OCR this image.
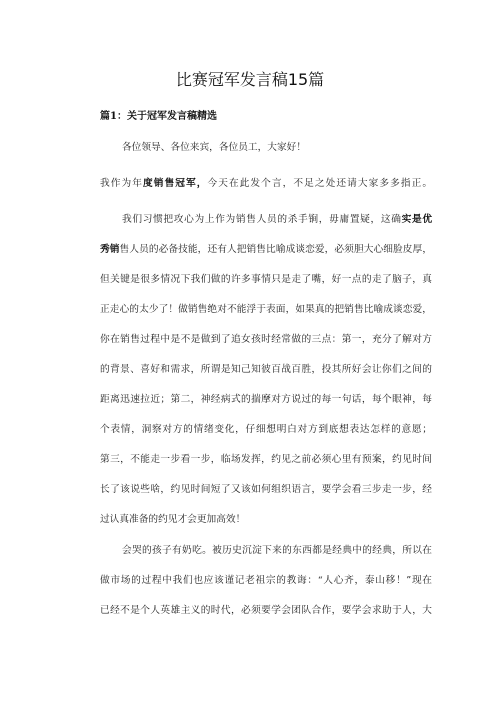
比赛冠军发言稿15篇
篇1：关于冠军发言稿精选
各位领导、各位来宾，各位员工，大家好！
我作为年度销售冠军，今天在此发个言，不足之处还请大家多多指正。
我们习惯把攻心为上作为销售人员的杀手锏，毋庸置疑，这确实是优
秀销售人员的必备技能，还有人把销售比喻成谈恋爱，必须胆大心细脸皮厚，
但关键是很多情况下我们做的许多事情只是走了嘴，好一点的走了脑子，真
正走心的太少了！做销售绝对不能浮于表面，如果真的把销售比喻成谈恋爱，
你在销售过程中是不是做到了追女孩时经常做的三点：第一，充分了解对方
的背景、喜好和需求，所谓是知己知彼百战百胜，投其所好会让你们之间的
距离迅速拉近；第二，神经病式的揣摩对方说过的每一句话，每个眼神，每
个表情，洞察对方的情绪变化，仔细想明白对方到底想表达怎样的意愿；
第三，不能走一步看一步，临场发挥，约见之前必须心里有预案，约见时间
长了该说些啥，约见时间短了又该如何组织语言，要学会看三步走一步，经
过认真准备的约见才会更加高效！
会哭的孩子有奶吃。被历史沉淀下来的东西都是经典中的经典，所以在
做市场的过程中我们也应该谨记老祖宗的教诲：“人心齐，泰山移！”现在
已经不是个人英雄主义的时代，必须要学会团队合作，要学会求助于人，大
